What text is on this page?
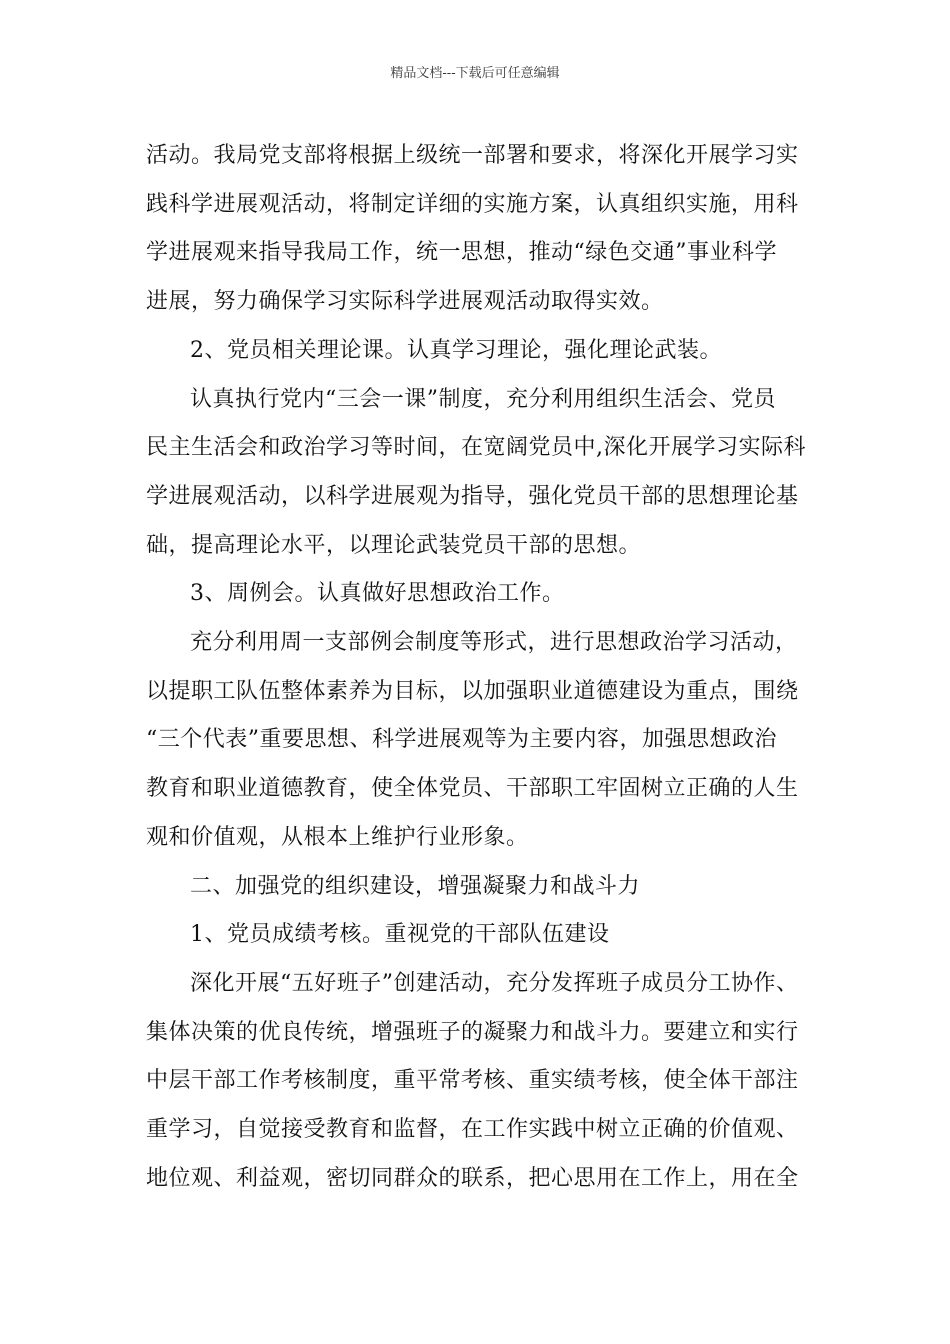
精品文档---下载后可任意编辑

活动。我局党支部将根据上级统一部署和要求，将深化开展学习实
践科学进展观活动，将制定详细的实施方案，认真组织实施，用科
学进展观来指导我局工作，统一思想，推动“绿色交通”事业科学
进展，努力确保学习实际科学进展观活动取得实效。

2、党员相关理论课。认真学习理论，强化理论武装。

认真执行党内“三会一课”制度，充分利用组织生活会、党员
民主生活会和政治学习等时间，在宽阔党员中,深化开展学习实际科
学进展观活动，以科学进展观为指导，强化党员干部的思想理论基
础，提高理论水平，以理论武装党员干部的思想。

3、周例会。认真做好思想政治工作。

充分利用周一支部例会制度等形式，进行思想政治学习活动，
以提职工队伍整体素养为目标，以加强职业道德建设为重点，围绕
“三个代表”重要思想、科学进展观等为主要内容，加强思想政治
教育和职业道德教育，使全体党员、干部职工牢固树立正确的人生
观和价值观，从根本上维护行业形象。

二、加强党的组织建设，增强凝聚力和战斗力

1、党员成绩考核。重视党的干部队伍建设

深化开展“五好班子”创建活动，充分发挥班子成员分工协作、
集体决策的优良传统，增强班子的凝聚力和战斗力。要建立和实行
中层干部工作考核制度，重平常考核、重实绩考核，使全体干部注
重学习，自觉接受教育和监督，在工作实践中树立正确的价值观、
地位观、利益观，密切同群众的联系，把心思用在工作上，用在全
